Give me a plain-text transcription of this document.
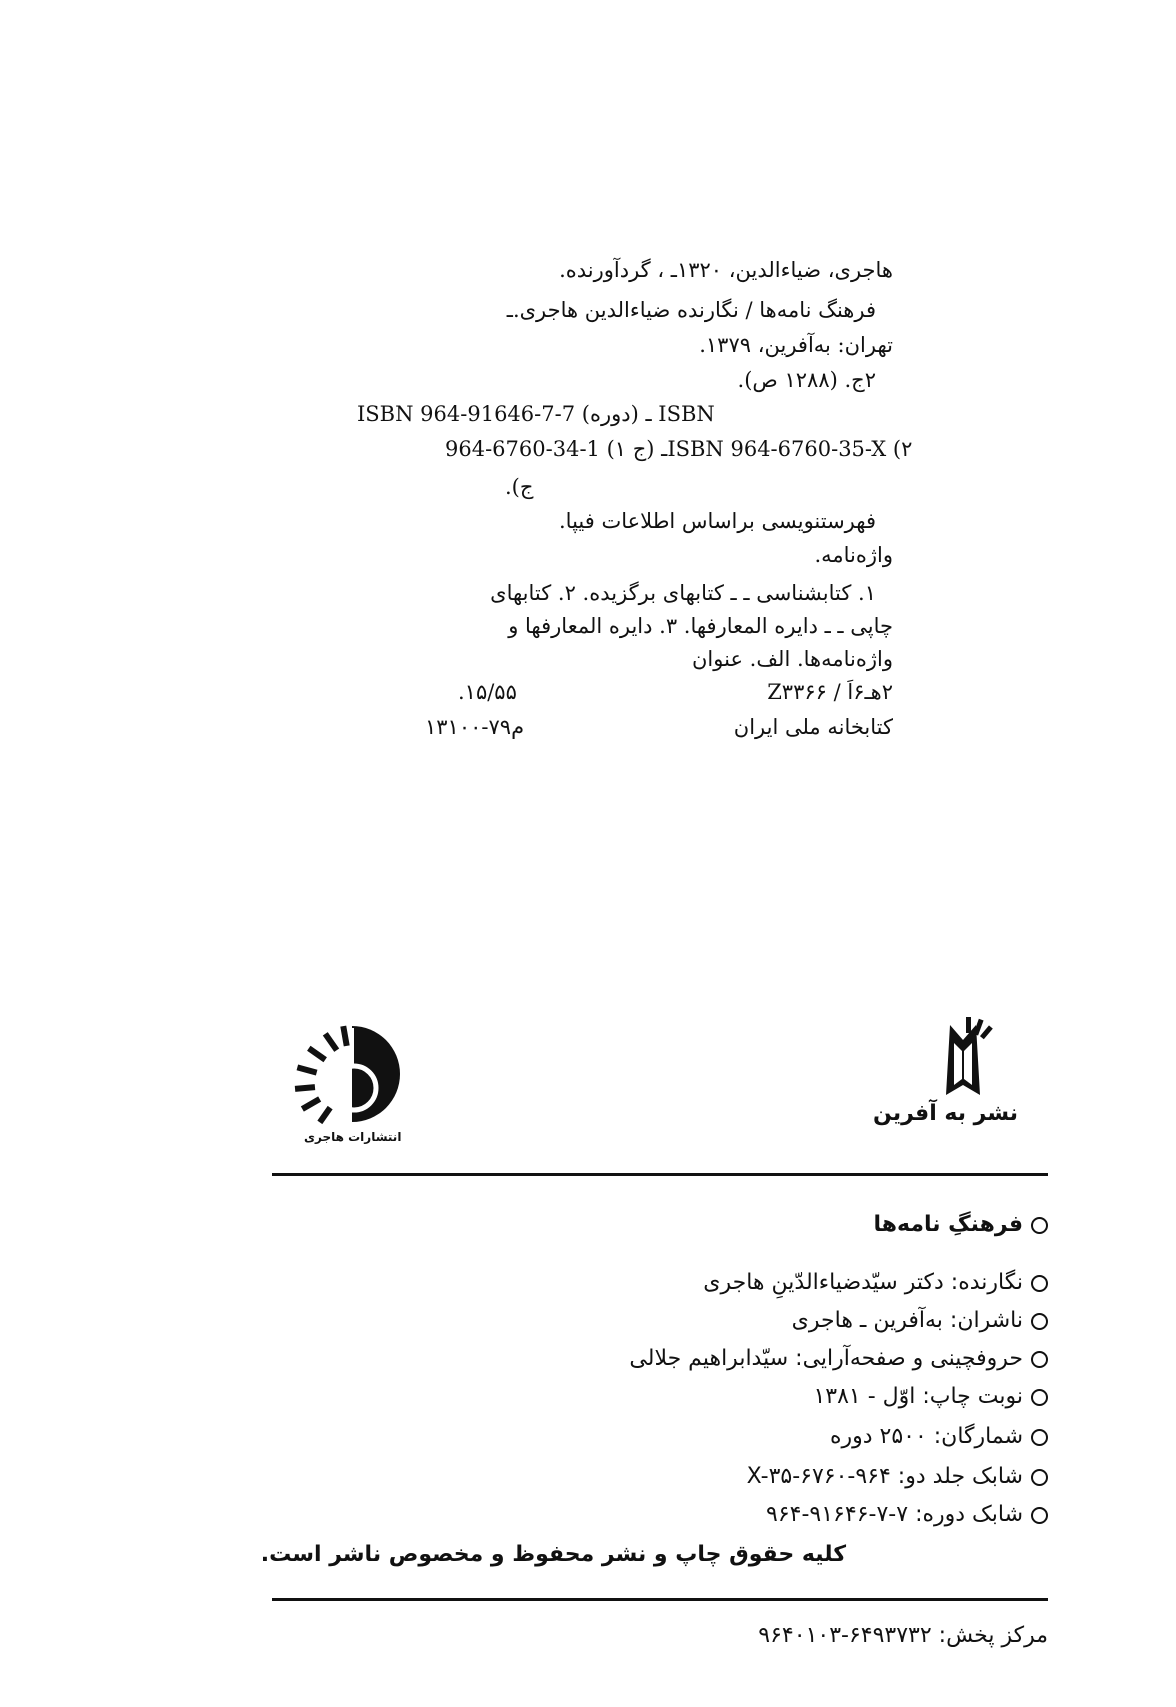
هاجری، ضیاءالدین، ۱۳۲۰ـ ، گردآورنده.
فرهنگ نامه‌ها / نگارنده ضیاءالدین هاجری.ـ
تهران: به‌آفرین، ۱۳۷۹.
۲ج. (۱۲۸۸ ص).
ISBN 964-91646-7-7 (دوره) ـ ISBN
964-6760-34-1 (۱ ج) ـISBN 964-6760-35-X (۲
ج).
فهرستنویسی براساس اطلاعات فیپا.
واژه‌نامه.
۱. کتابشناسی ـ ـ کتابهای برگزیده. ۲. کتابهای
چاپی ـ ـ دایره المعارفها. ۳. دایره المعارفها و
واژه‌نامه‌ها. الف. عنوان
۲هـ۶اَ / Z۳۳۶۶
.۱۵/۵۵
کتابخانه ملی ایران
م۷۹-۱۳۱۰۰
انتشارات هاجری
نشر به آفرین
فرهنگِ نامه‌ها
نگارنده: دکتر سیّدضیاءالدّینِ هاجری
ناشران: به‌آفرین ـ هاجری
حروفچینی و صفحه‌آرایی: سیّدابراهیم جلالی
نوبت چاپ: اوّل - ۱۳۸۱
شمارگان: ۲۵۰۰ دوره
شابک جلد دو: X-۳۵-۶۷۶۰-۹۶۴
شابک دوره: ۷-۷-۹۱۶۴۶-۹۶۴
کلیه حقوق چاپ و نشر محفوظ و مخصوص ناشر است.
مرکز پخش: ۶۴۹۳۷۳۲-۹۶۴۰۱۰۳
